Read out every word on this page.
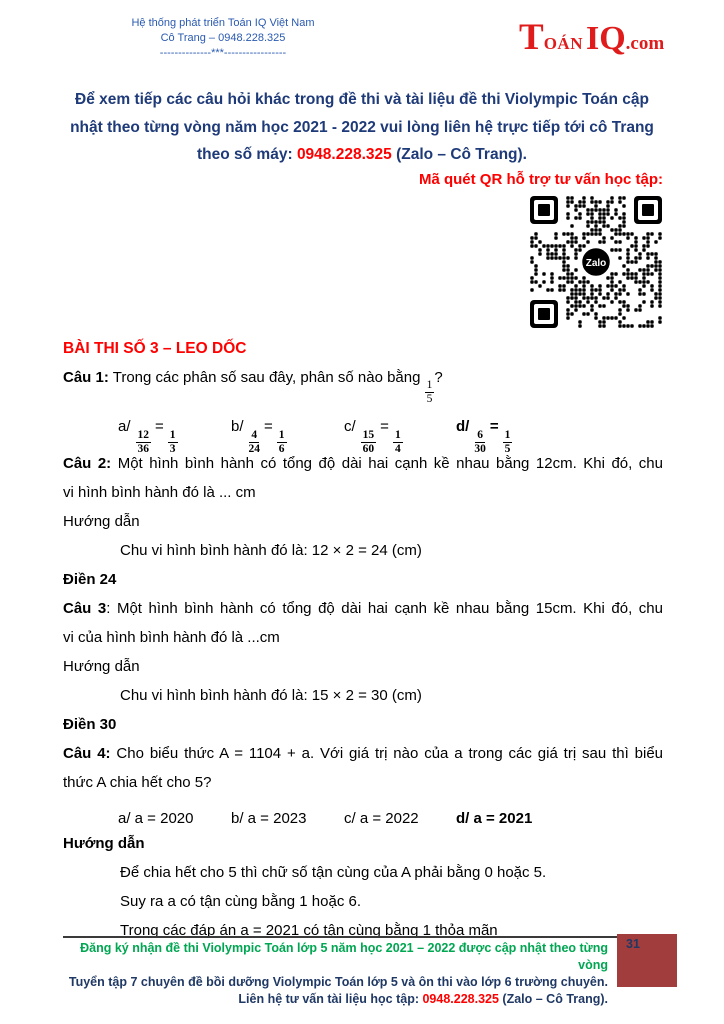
Hệ thống phát triển Toán IQ Việt Nam
Cô Trang – 0948.228.325
--------------***-----------------	T OÁN IQ .com
Để xem tiếp các câu hỏi khác trong đề thi và tài liệu đề thi Violympic Toán cập
nhật theo từng vòng năm học 2021 - 2022 vui lòng liên hệ trực tiếp tới cô Trang
theo số máy: 0948.228.325 (Zalo – Cô Trang).
Mã quét QR hỗ trợ tư vấn học tập:
Zalo
BÀI THI SỐ 3 – LEO DỐC
Câu 1: Trong các phân số sau đây, phân số nào bằng
$\frac{1}{5}$
?
a/
$\frac{12}{36}$
=
$\frac{1}{3}$
b/
$\frac{4}{24}$
=
$\frac{1}{6}$
c/
$\frac{15}{60}$
=
$\frac{1}{4}$
d/
$\frac{6}{30}$
=
$\frac{1}{5}$
Câu 2: Một hình bình hành có tổng độ dài hai cạnh kề nhau bằng 12cm. Khi đó, chu
vi hình bình hành đó là ... cm
Hướng dẫn
Chu vi hình bình hành đó là: 12 × 2 = 24 (cm)
Điền 24
Câu 3: Một hình bình hành có tổng độ dài hai cạnh kề nhau bằng 15cm. Khi đó, chu
vi của hình bình hành đó là ...cm
Hướng dẫn
Chu vi hình bình hành đó là: 15 × 2 = 30 (cm)
Điền 30
Câu 4: Cho biểu thức A = 1104 + a. Với giá trị nào của a trong các giá trị sau thì biểu
thức A chia hết cho 5?
a/ a = 2020	b/ a = 2023	c/ a = 2022 d/ a = 2021
Hướng dẫn
Để chia hết cho 5 thì chữ số tận cùng của A phải bằng 0 hoặc 5.
Suy ra a có tận cùng bằng 1 hoặc 6.
Trong các đáp án a = 2021 có tận cùng bằng 1 thỏa mãn
Đăng ký nhận đề thi Violympic Toán lớp 5 năm học 2021 – 2022 được cập nhật theo từng vòng
Tuyển tập 7 chuyên đề bồi dưỡng Violympic Toán lớp 5 và ôn thi vào lớp 6 trường chuyên.
Liên hệ tư vấn tài liệu học tập: 0948.228.325 (Zalo – Cô Trang).
31
